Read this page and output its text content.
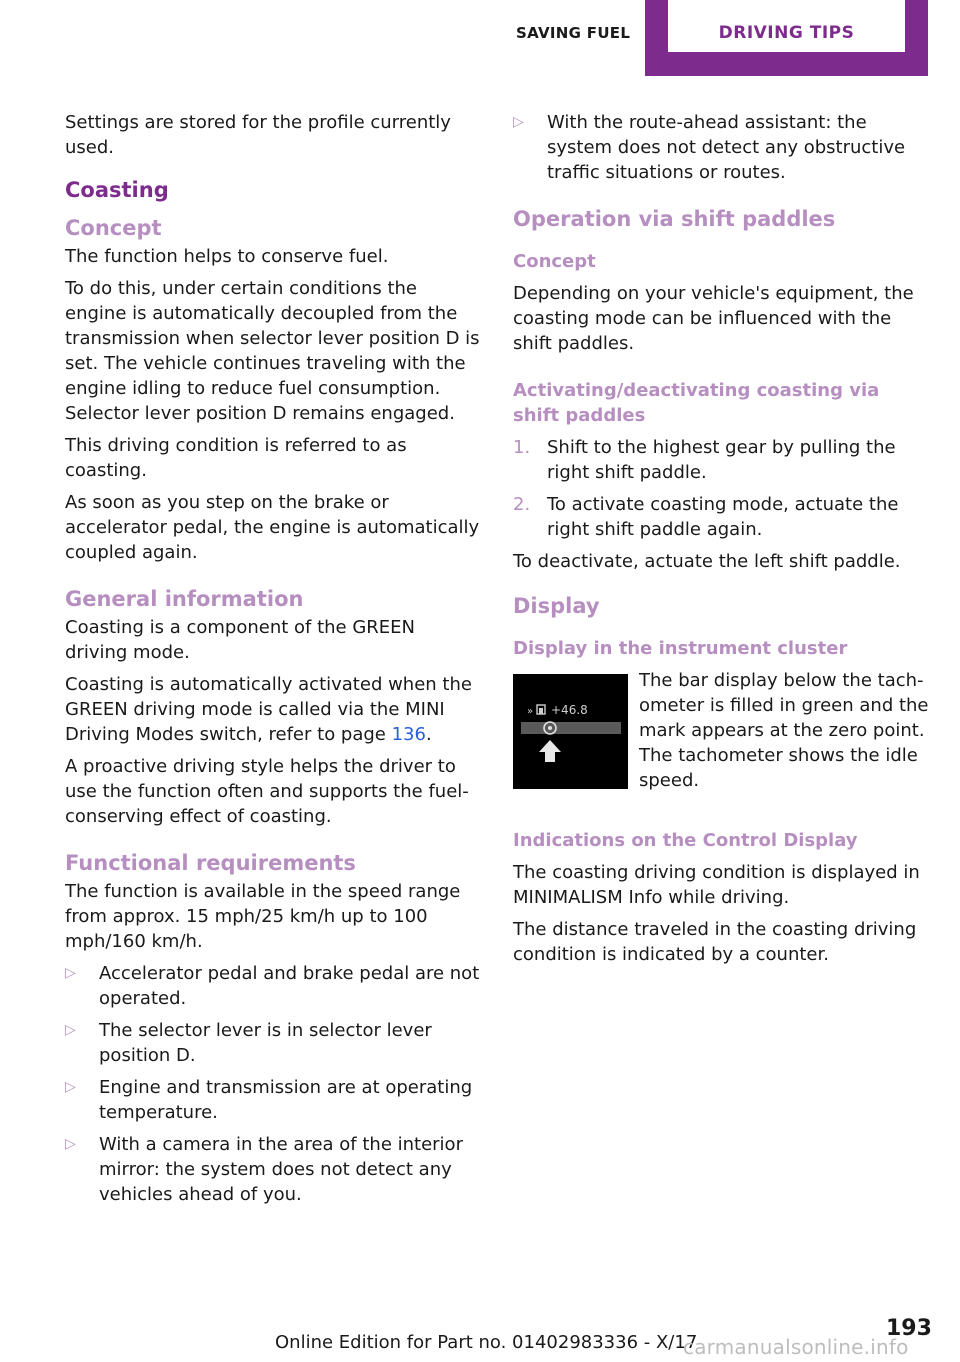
SAVING FUEL	DRIVING TIPS

Settings are stored for the profile currently used.

Coasting
Concept

The function helps to conserve fuel.

To do this, under certain conditions the engine is automatically decoupled from the transmission when selector lever position D is set. The vehicle continues traveling with the engine idling to reduce fuel consumption. Selector lever position D remains engaged.

This driving condition is referred to as coasting.

As soon as you step on the brake or accelerator pedal, the engine is automatically coupled again.

General information

Coasting is a component of the GREEN driving mode.

Coasting is automatically activated when the GREEN driving mode is called via the MINI Driving Modes switch, refer to page 136.

A proactive driving style helps the driver to use the function often and supports the fuel-conserving effect of coasting.

Functional requirements

The function is available in the speed range from approx. 15 mph/25 km/h up to 100 mph/160 km/h.

▷ Accelerator pedal and brake pedal are not operated.
▷ The selector lever is in selector lever position D.
▷ Engine and transmission are at operating temperature.
▷ With a camera in the area of the interior mirror: the system does not detect any vehicles ahead of you.
▷ With the route-ahead assistant: the system does not detect any obstructive traffic situations or routes.
Operation via shift paddles
Concept

Depending on your vehicle's equipment, the coasting mode can be influenced with the shift paddles.

Activating/deactivating coasting via shift paddles
1. Shift to the highest gear by pulling the right shift paddle.
2. To activate coasting mode, actuate the right shift paddle again.

To deactivate, actuate the left shift paddle.

Display
Display in the instrument cluster
» +46.8
The bar display below the tachometer is filled in green and the mark appears at the zero point. The tachometer shows the idle speed.
Indications on the Control Display

The coasting driving condition is displayed in MINIMALISM Info while driving.

The distance traveled in the coasting driving condition is indicated by a counter.

193
Online Edition for Part no. 01402983336 - X/17
carmanualsonline.info
